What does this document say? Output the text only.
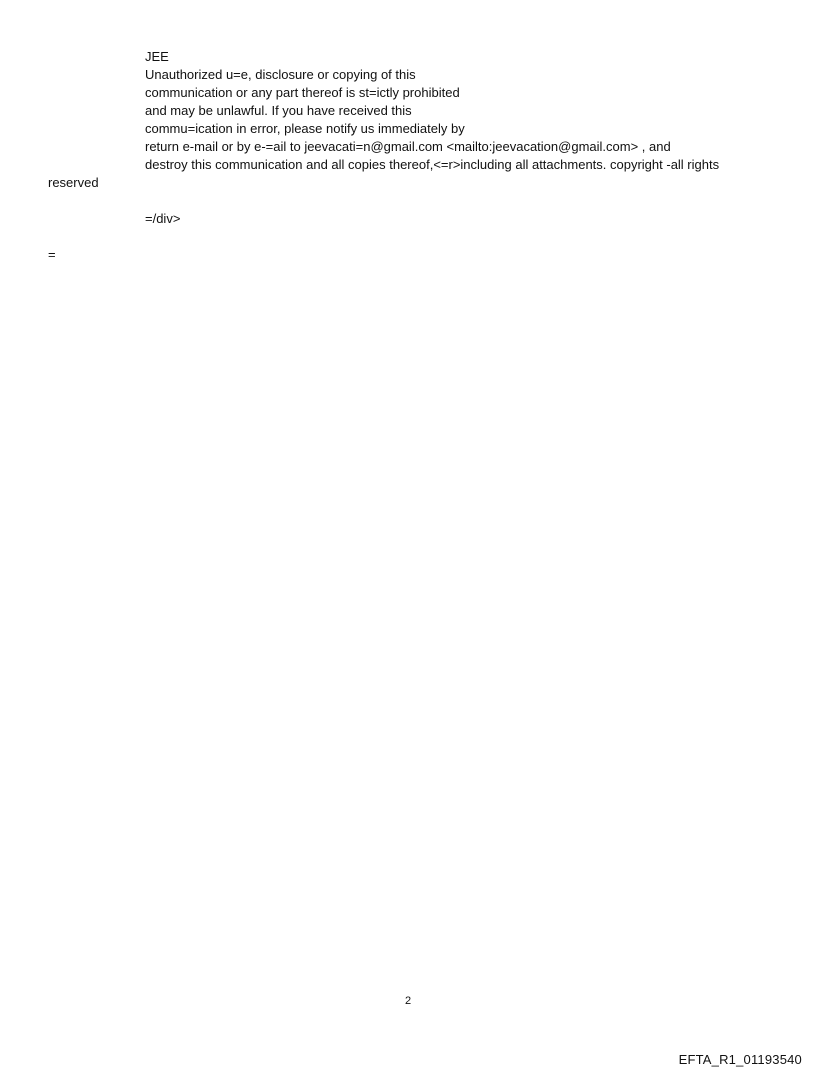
JEE
Unauthorized u=e, disclosure or copying of this
communication or any part thereof is st=ictly prohibited
and may be unlawful. If you have received this
commu=ication in error, please notify us immediately by
return e-mail or by e-=ail to jeevacati=n@gmail.com <mailto:jeevacation@gmail.com> , and
destroy this communication and all copies thereof,<=r>including all attachments. copyright -all rights
reserved
=/div>
=
2
EFTA_R1_01193540
